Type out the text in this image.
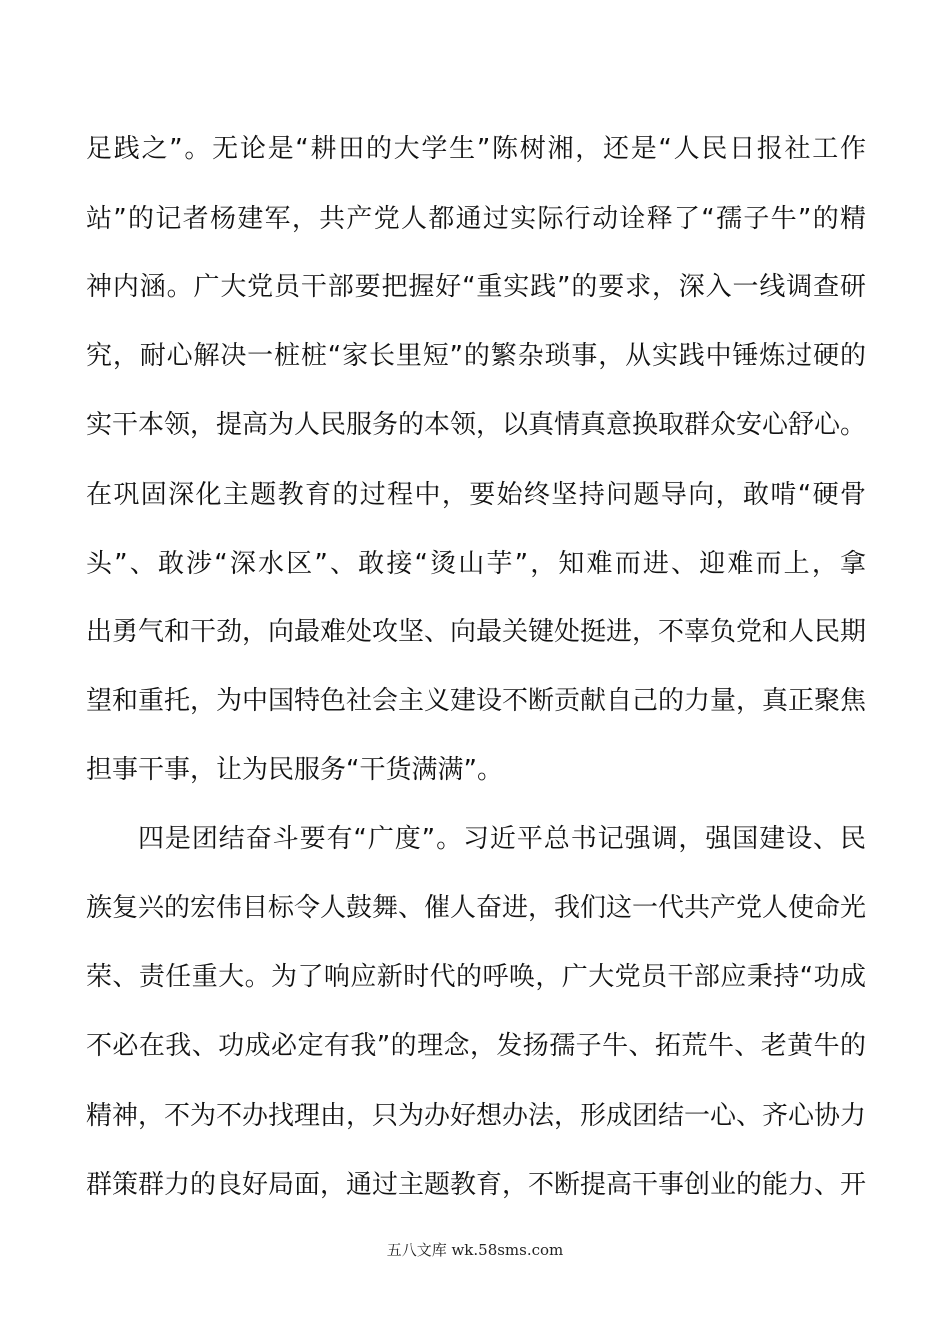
足践之”。无论是“耕田的大学生”陈树湘，还是“人民日报社工作
站”的记者杨建军，共产党人都通过实际行动诠释了“孺子牛”的精
神内涵。广大党员干部要把握好“重实践”的要求，深入一线调查研
究，耐心解决一桩桩“家长里短”的繁杂琐事，从实践中锤炼过硬的
实干本领，提高为人民服务的本领，以真情真意换取群众安心舒心。
在巩固深化主题教育的过程中，要始终坚持问题导向，敢啃“硬骨
头”、敢涉“深水区”、敢接“烫山芋”，知难而进、迎难而上，拿
出勇气和干劲，向最难处攻坚、向最关键处挺进，不辜负党和人民期
望和重托，为中国特色社会主义建设不断贡献自己的力量，真正聚焦
担事干事，让为民服务“干货满满”。
四是团结奋斗要有“广度”。习近平总书记强调，强国建设、民
族复兴的宏伟目标令人鼓舞、催人奋进，我们这一代共产党人使命光
荣、责任重大。为了响应新时代的呼唤，广大党员干部应秉持“功成
不必在我、功成必定有我”的理念，发扬孺子牛、拓荒牛、老黄牛的
精神，不为不办找理由，只为办好想办法，形成团结一心、齐心协力
群策群力的良好局面，通过主题教育，不断提高干事创业的能力、开
五八文库 wk.58sms.com
